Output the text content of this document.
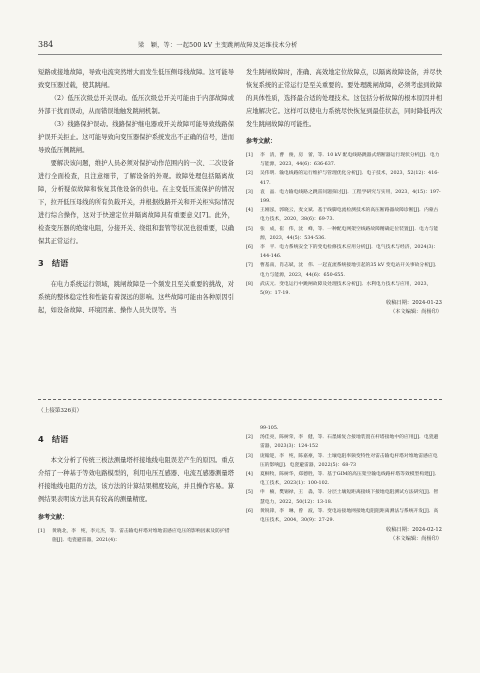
384	梁　颖，等：一起500 kV 主变跳闸故障及运维技术分析

短路或接地故障，导致电流突然增大而发生低压侧母线故障。这可能导致变压器过载，使其跳闸。

（2）低压次级总开关误动。低压次级总开关可能由于内部故障或外部干扰而误动，从而错误地触发跳闸机制。

（3）线路保护误动。线路保护继电器或开关故障可能导致线路保护误开关拒止。这可能导致向变压器保护系统发出不正确的信号，进而导致低压侧跳闸。

要解决该问题，维护人员必须对保护动作范围内的一次、二次设备进行全面检查，且注意细节，了解设备的外观。故障处理包括隔离故障，分析疑似故障和恢复其他设备的供电。在主变低压流保护的情况下，拉开低压母线的所有负载开关，并根据线路开关和开关柜实际情况进行综合操作，这对于快速定位并隔离故障具有重要意义[7]。此外，检查变压器的绝缘电阻，分接开关、绕组和套管等状况也很重要，以确保其正常运行。

3　结语

在电力系统运行领域，跳闸故障是一个频发且至关重要的挑战，对系统的整体稳定性和性能有着深远的影响。这些故障可能由各种原因引起，如设备故障、环境因素、操作人员失误等。当

发生跳闸故障时，准确、高效地定位故障点，以隔离故障设备，并尽快恢复系统的正常运行是至关重要的。要处理跳闸故障，必须考虑到故障的具体性质，选择最合适的处理技术。这包括分析故障的根本原因并相应地解决它。这样可以使电力系统尽快恢复到最佳状态，同时降低再次发生跳闸故障的可能性。

参考文献：
[1]	李　清，曹　俊，房　蕾，等．10 kV 配电线路跳器式熔断器运行现状分析[J]．电力与能源，2023，44(6)：636-637.
[2]	吴伟明．输电线路的运行维护与管理优化分析[J]．电子技术，2023，52(12)：416-417.
[3]	袁　晶．电力输电线路之跳雷问题探讨[J]．工程学研究与实用，2023，4(15)：197-199.
[4]	王刚泓，郭晓云，麦文斌．基于线脚电流检测技术的高压断路器故障诊断[J]．内蒙古电力技术，2020，38(6)：69-73.
[5]	张　成，崔　伟，沈　峰，等．一种配电网架空线路故障精确定位装置[J]．电力与能源，2023，44(5)：534-536.
[6]	李　平．电力系统安全下的变电检修技术应用分析[J]．电气技术与经济，2024(3)：144-146.
[7]	曹基南，肖志斌，沈　伟．一起直流系统接地引起的35 kV 变电站开关事故分析[J]．电力与能源，2023，44(6)：650-655.
[8]	武庆元．变电运行中跳闸故障及处理技术分析[J]．水利电力技术与应用，2023，5(9)：17-19.
收稿日期：2024-01-23
（本文编辑：尚杨印）
（上接第326页）
4　结语

本文分析了传统三极法测量塔杆接地线电阻误差产生的原因。重点介绍了一种基于等效电路模型的，利用电压互感器、电流互感器测量塔杆接地线电阻的方法，该方法的计算结果精度较高，并且操作容易。算例结果表明该方法具有较高的测量精度。

参考文献：
[1]	黄晓北，李　纯，李元杰，等．雷击输电杆塔对堆地雷感应电压的影响因素及防护措施[J]．电瓷避雷器，2021(4)：
99-105.
[2]	汤佳亮，陈树荣，李　健，等．石墨烯复合接地装置在杆塔接地中的应用[J]．电瓷避雷器，2023(3)：124-152
[3]	庞翰迎，李　纯，陈嘉豪，等．土壤电阻率频变特性对雷击输电杆塔对堆地雷感应电压的影响[J]．电瓷避雷器，2022(5)：68-73
[4]	夏桐牧，陈树华，郑德胜，等．基于GIM的高压架空输电线路杆塔等效模型构建[J]．电工技术，2023(1)：100-102.
[5]	申　楠，樊锡禄，王　淼，等．分层土壤短距离接线下接地电阻测试方法研究[J]．智慧电力，2022，50(12)：13-18.
[6]	黄锐锋，李　琳，曾　波，等．变电站接地网接地电阻阻距离测法与系统开发[J]．高电压技术，2004，30(9)：27-29.
收稿日期：2024-02-12
（本文编辑：尚杨印）
